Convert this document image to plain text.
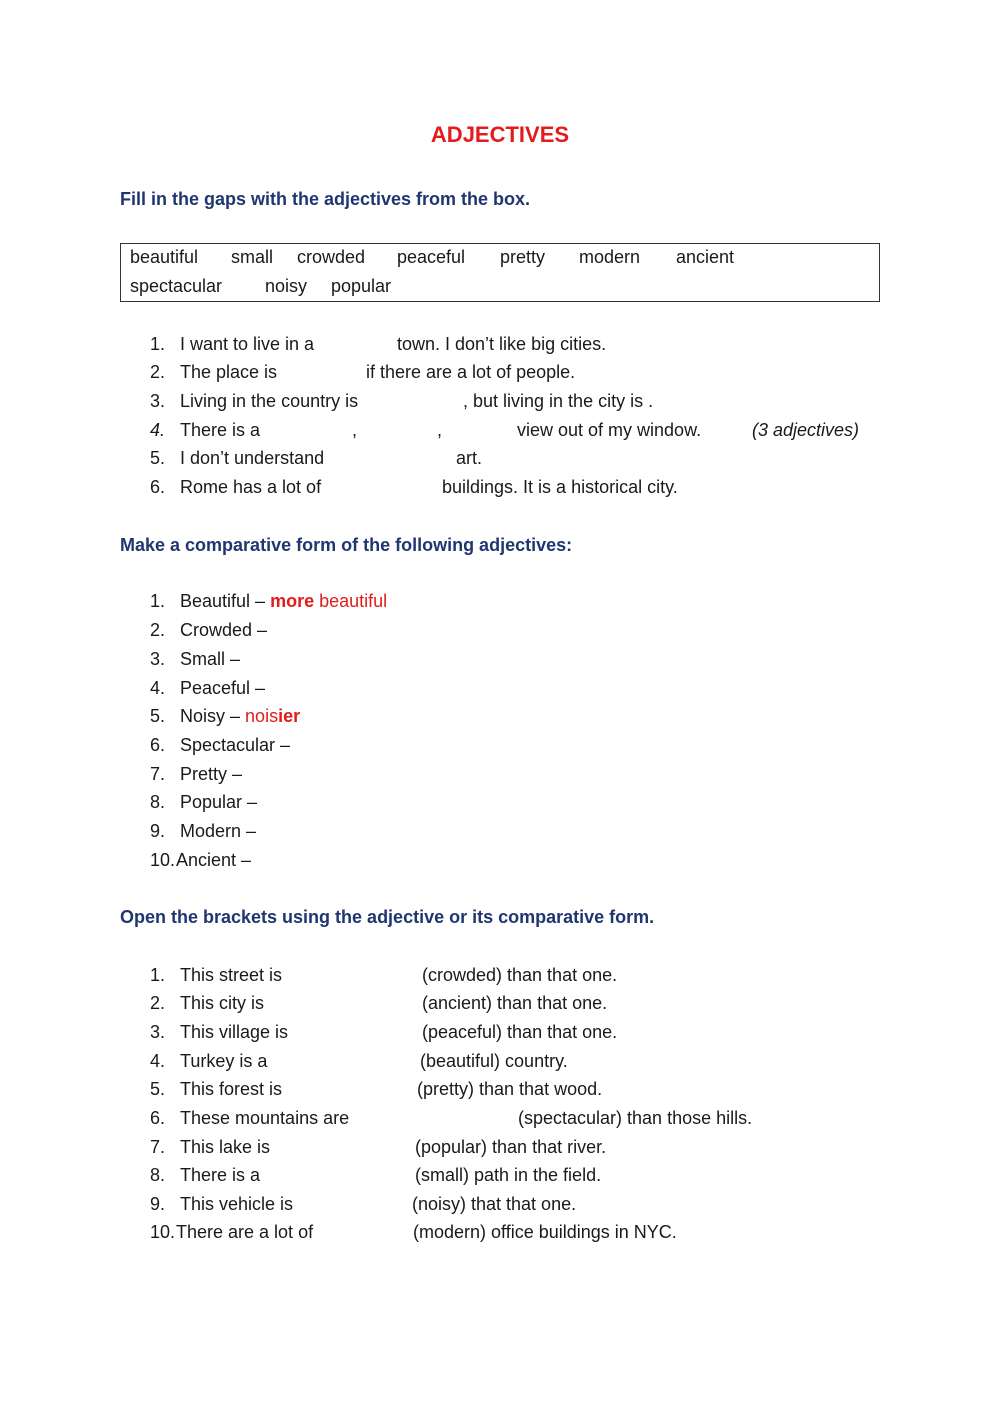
ADJECTIVES
Fill in the gaps with the adjectives from the box.
beautiful small crowded peaceful pretty modern ancient
spectacular noisy popular
1. I want to live in a	town. I don’t like big cities.
2. The place is	if there are a lot of people.
3. Living in the country is	, but living in the city is .
4. There is a	,	,	view out of my window.	(3 adjectives)
5. I don’t understand	art.
6. Rome has a lot of	buildings. It is a historical city.
Make a comparative form of the following adjectives:
1. Beautiful – more beautiful
2. Crowded –
3. Small –
4. Peaceful –
5. Noisy – noisier
6. Spectacular –
7. Pretty –
8. Popular –
9. Modern –
10. Ancient –
Open the brackets using the adjective or its comparative form.
1. This street is	(crowded) than that one.
2. This city is	(ancient) than that one.
3. This village is	(peaceful) than that one.
4. Turkey is a	(beautiful) country.
5. This forest is	(pretty) than that wood.
6. These mountains are	(spectacular) than those hills.
7. This lake is	(popular) than that river.
8. There is a	(small) path in the field.
9. This vehicle is	(noisy) that that one.
10. There are a lot of	(modern) office buildings in NYC.
